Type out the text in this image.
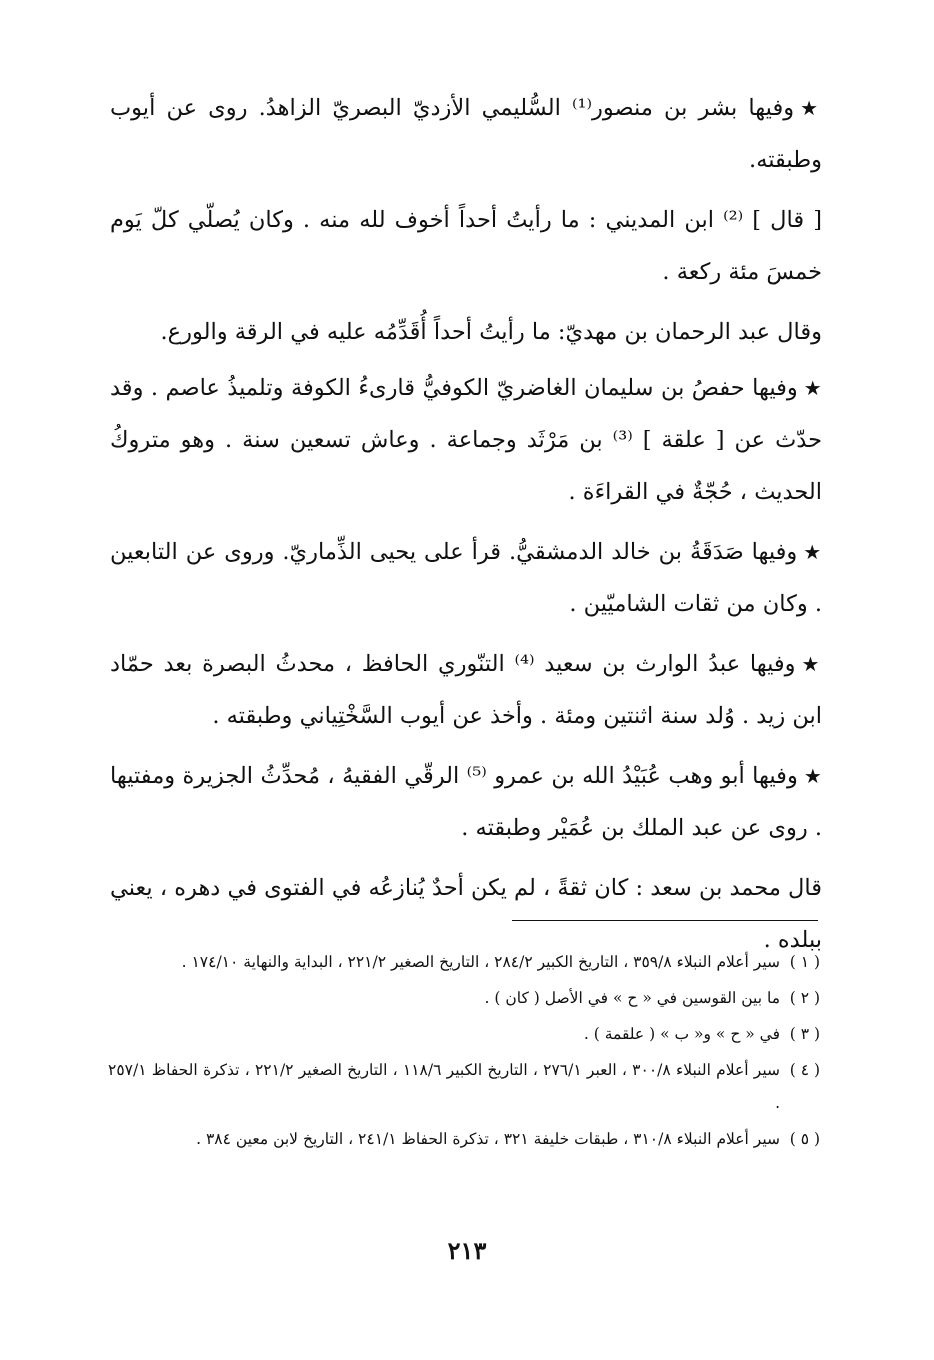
★وفيها بشر بن منصور⁽¹⁾ السُّليمي الأزديّ البصريّ الزاهدُ. روى عن أيوب وطبقته.

[ قال ] ⁽²⁾ ابن المديني : ما رأيتُ أحداً أخوف لله منه . وكان يُصلّي كلّ يَوم خمسَ مئة ركعة .

وقال عبد الرحمان بن مهديّ: ما رأيتُ أحداً أُقَدِّمُه عليه في الرقة والورع.

★وفيها حفصُ بن سليمان الغاضريّ الكوفيُّ قارىءُ الكوفة وتلميذُ عاصم . وقد حدّث عن [ علقة ] ⁽³⁾ بن مَرْثَد وجماعة . وعاش تسعين سنة . وهو متروكُ الحديث ، حُجّةٌ في القراءَة .

★وفيها صَدَقَةُ بن خالد الدمشقيُّ. قرأ على يحيى الذِّماريّ. وروى عن التابعين . وكان من ثقات الشاميّين .

★وفيها عبدُ الوارث بن سعيد ⁽⁴⁾ التنّوري الحافظ ، محدثُ البصرة بعد حمّاد ابن زيد . وُلد سنة اثنتين ومئة . وأخذ عن أيوب السَّخْتِياني وطبقته .

★وفيها أبو وهب عُبَيْدُ الله بن عمرو ⁽⁵⁾ الرقّي الفقيهُ ، مُحدِّثُ الجزيرة ومفتيها . روى عن عبد الملك بن عُمَيْر وطبقته .

قال محمد بن سعد : كان ثقةً ، لم يكن أحدٌ يُنازعُه في الفتوى في دهره ، يعني ببلده .

( ١ )
سير أعلام النبلاء ٣٥٩/٨ ، التاريخ الكبير ٢٨٤/٢ ، التاريخ الصغير ٢٢١/٢ ، البداية والنهاية ١٧٤/١٠ .
( ٢ )
ما بين القوسين في « ح » في الأصل ( كان ) .
( ٣ )
في « ح » و« ب » ( علقمة ) .
( ٤ )
سير أعلام النبلاء ٣٠٠/٨ ، العبر ٢٧٦/١ ، التاريخ الكبير ١١٨/٦ ، التاريخ الصغير ٢٢١/٢ ، تذكرة الحفاظ ٢٥٧/١ .
( ٥ )
سير أعلام النبلاء ٣١٠/٨ ، طبقات خليفة ٣٢١ ، تذكرة الحفاظ ٢٤١/١ ، التاريخ لابن معين ٣٨٤ .
٢١٣
